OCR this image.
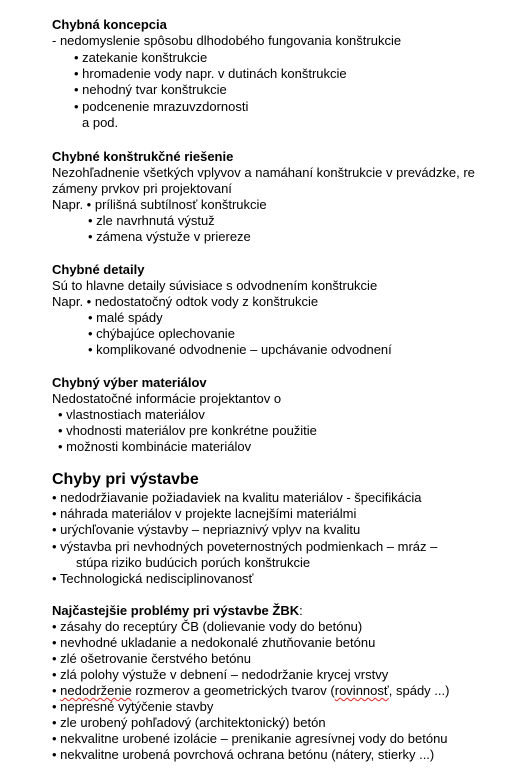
Chybná koncepcia
- nedomyslenie spôsobu dlhodobého fungovania konštrukcie
• zatekanie konštrukcie
• hromadenie vody napr. v dutinách konštrukcie
• nehodný tvar konštrukcie
• podcenenie mrazuvzdornosti
a pod.
Chybné konštrukčné riešenie
Nezohľadnenie všetkých vplyvov a namáhaní konštrukcie v prevádzke, re
zámeny prvkov pri projektovaní
Napr. • prílišná subtílnosť konštrukcie
• zle navrhnutá výstuž
• zámena výstuže v priereze
Chybné detaily
Sú to hlavne detaily súvisiace s odvodnením konštrukcie
Napr. • nedostatočný odtok vody z konštrukcie
• malé spády
• chýbajúce oplechovanie
• komplikované odvodnenie – upchávanie odvodnení
Chybný výber materiálov
Nedostatočné informácie projektantov o
• vlastnostiach materiálov
• vhodnosti materiálov pre konkrétne použitie
• možnosti kombinácie materiálov
Chyby pri výstavbe
• nedodržiavanie požiadaviek na kvalitu materiálov - špecifikácia
• náhrada materiálov v projekte lacnejšími materiálmi
• urýchľovanie výstavby – nepriaznivý vplyv na kvalitu
• výstavba pri nevhodných poveternostných podmienkach – mráz –
stúpa riziko budúcich porúch konštrukcie
• Technologická nedisciplinovanosť
Najčastejšie problémy pri výstavbe ŽBK:
• zásahy do receptúry ČB (dolievanie vody do betónu)
• nevhodné ukladanie a nedokonalé zhutňovanie betónu
• zlé ošetrovanie čerstvého betónu
• zlá polohy výstuže v debnení – nedodržanie krycej vrstvy
• nedodrženie rozmerov a geometrických tvarov (rovinnosť, spády ...)
• nepresné vytýčenie stavby
• zle urobený pohľadový (architektonický) betón
• nekvalitne urobené izolácie – prenikanie agresívnej vody do betónu
• nekvalitne urobená povrchová ochrana betónu (nátery, stierky ...)
